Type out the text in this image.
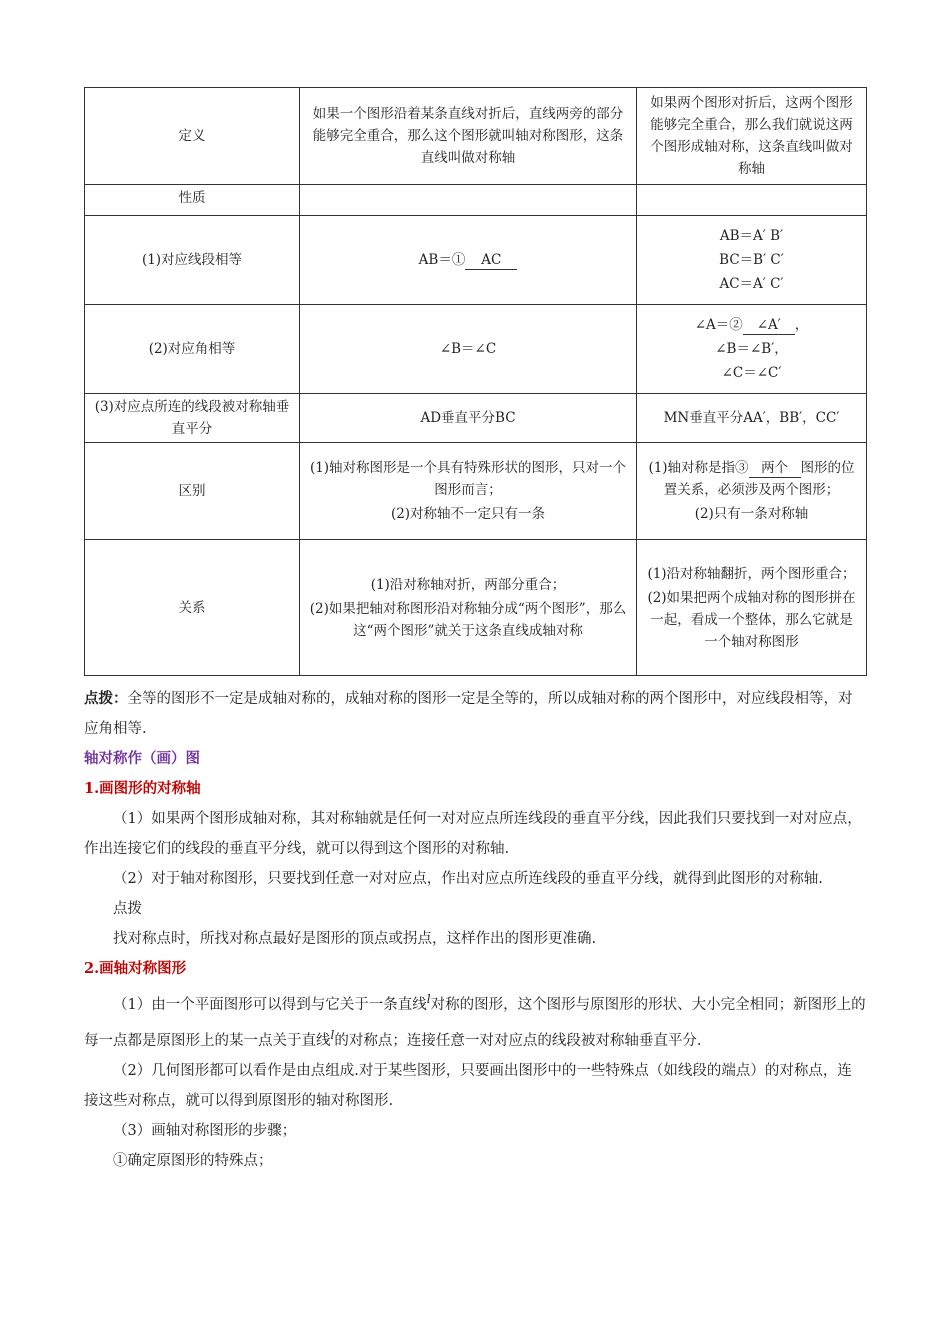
定义	如果一个图形沿着某条直线对折后，直线两旁的部分能够完全重合，那么这个图形就叫轴对称图形，这条直线叫做对称轴	如果两个图形对折后，这两个图形能够完全重合，那么我们就说这两个图形成轴对称，这条直线叫做对称轴

性质		
(1)对应线段相等	AB＝① AC	AB＝A′ B′
BC＝B′ C′
AC＝A′ C′

(2)对应角相等	∠B＝∠C	∠A＝② ∠A′ ，
∠B＝∠B′，
∠C＝∠C′

(3)对应点所连的线段被对称轴垂直平分	AD垂直平分BC	MN垂直平分AA′，BB′，CC′
区别	(1)轴对称图形是一个具有特殊形状的图形，只对一个图形而言；
(2)对称轴不一定只有一条	(1)轴对称是指③ 两个 图形的位置关系，必须涉及两个图形；
(2)只有一条对称轴

关系	(1)沿对称轴对折，两部分重合；
(2)如果把轴对称图形沿对称轴分成“两个图形”，那么这“两个图形”就关于这条直线成轴对称	(1)沿对称轴翻折，两个图形重合；
(2)如果把两个成轴对称的图形拼在一起，看成一个整体，那么它就是一个轴对称图形

点拨：全等的图形不一定是成轴对称的，成轴对称的图形一定是全等的，所以成轴对称的两个图形中，对应线段相等，对应角相等.

轴对称作（画）图

1.画图形的对称轴

（1）如果两个图形成轴对称，其对称轴就是任何一对对应点所连线段的垂直平分线，因此我们只要找到一对对应点，作出连接它们的线段的垂直平分线，就可以得到这个图形的对称轴.

（2）对于轴对称图形，只要找到任意一对对应点，作出对应点所连线段的垂直平分线，就得到此图形的对称轴.

点拨

找对称点时，所找对称点最好是图形的顶点或拐点，这样作出的图形更准确.

2.画轴对称图形

（1）由一个平面图形可以得到与它关于一条直线$^l$对称的图形，这个图形与原图形的形状、大小完全相同；新图形上的每一点都是原图形上的某一点关于直线$^l$的对称点；连接任意一对对应点的线段被对称轴垂直平分.

（2）几何图形都可以看作是由点组成.对于某些图形，只要画出图形中的一些特殊点（如线段的端点）的对称点，连接这些对称点，就可以得到原图形的轴对称图形.

（3）画轴对称图形的步骤；

①确定原图形的特殊点；
